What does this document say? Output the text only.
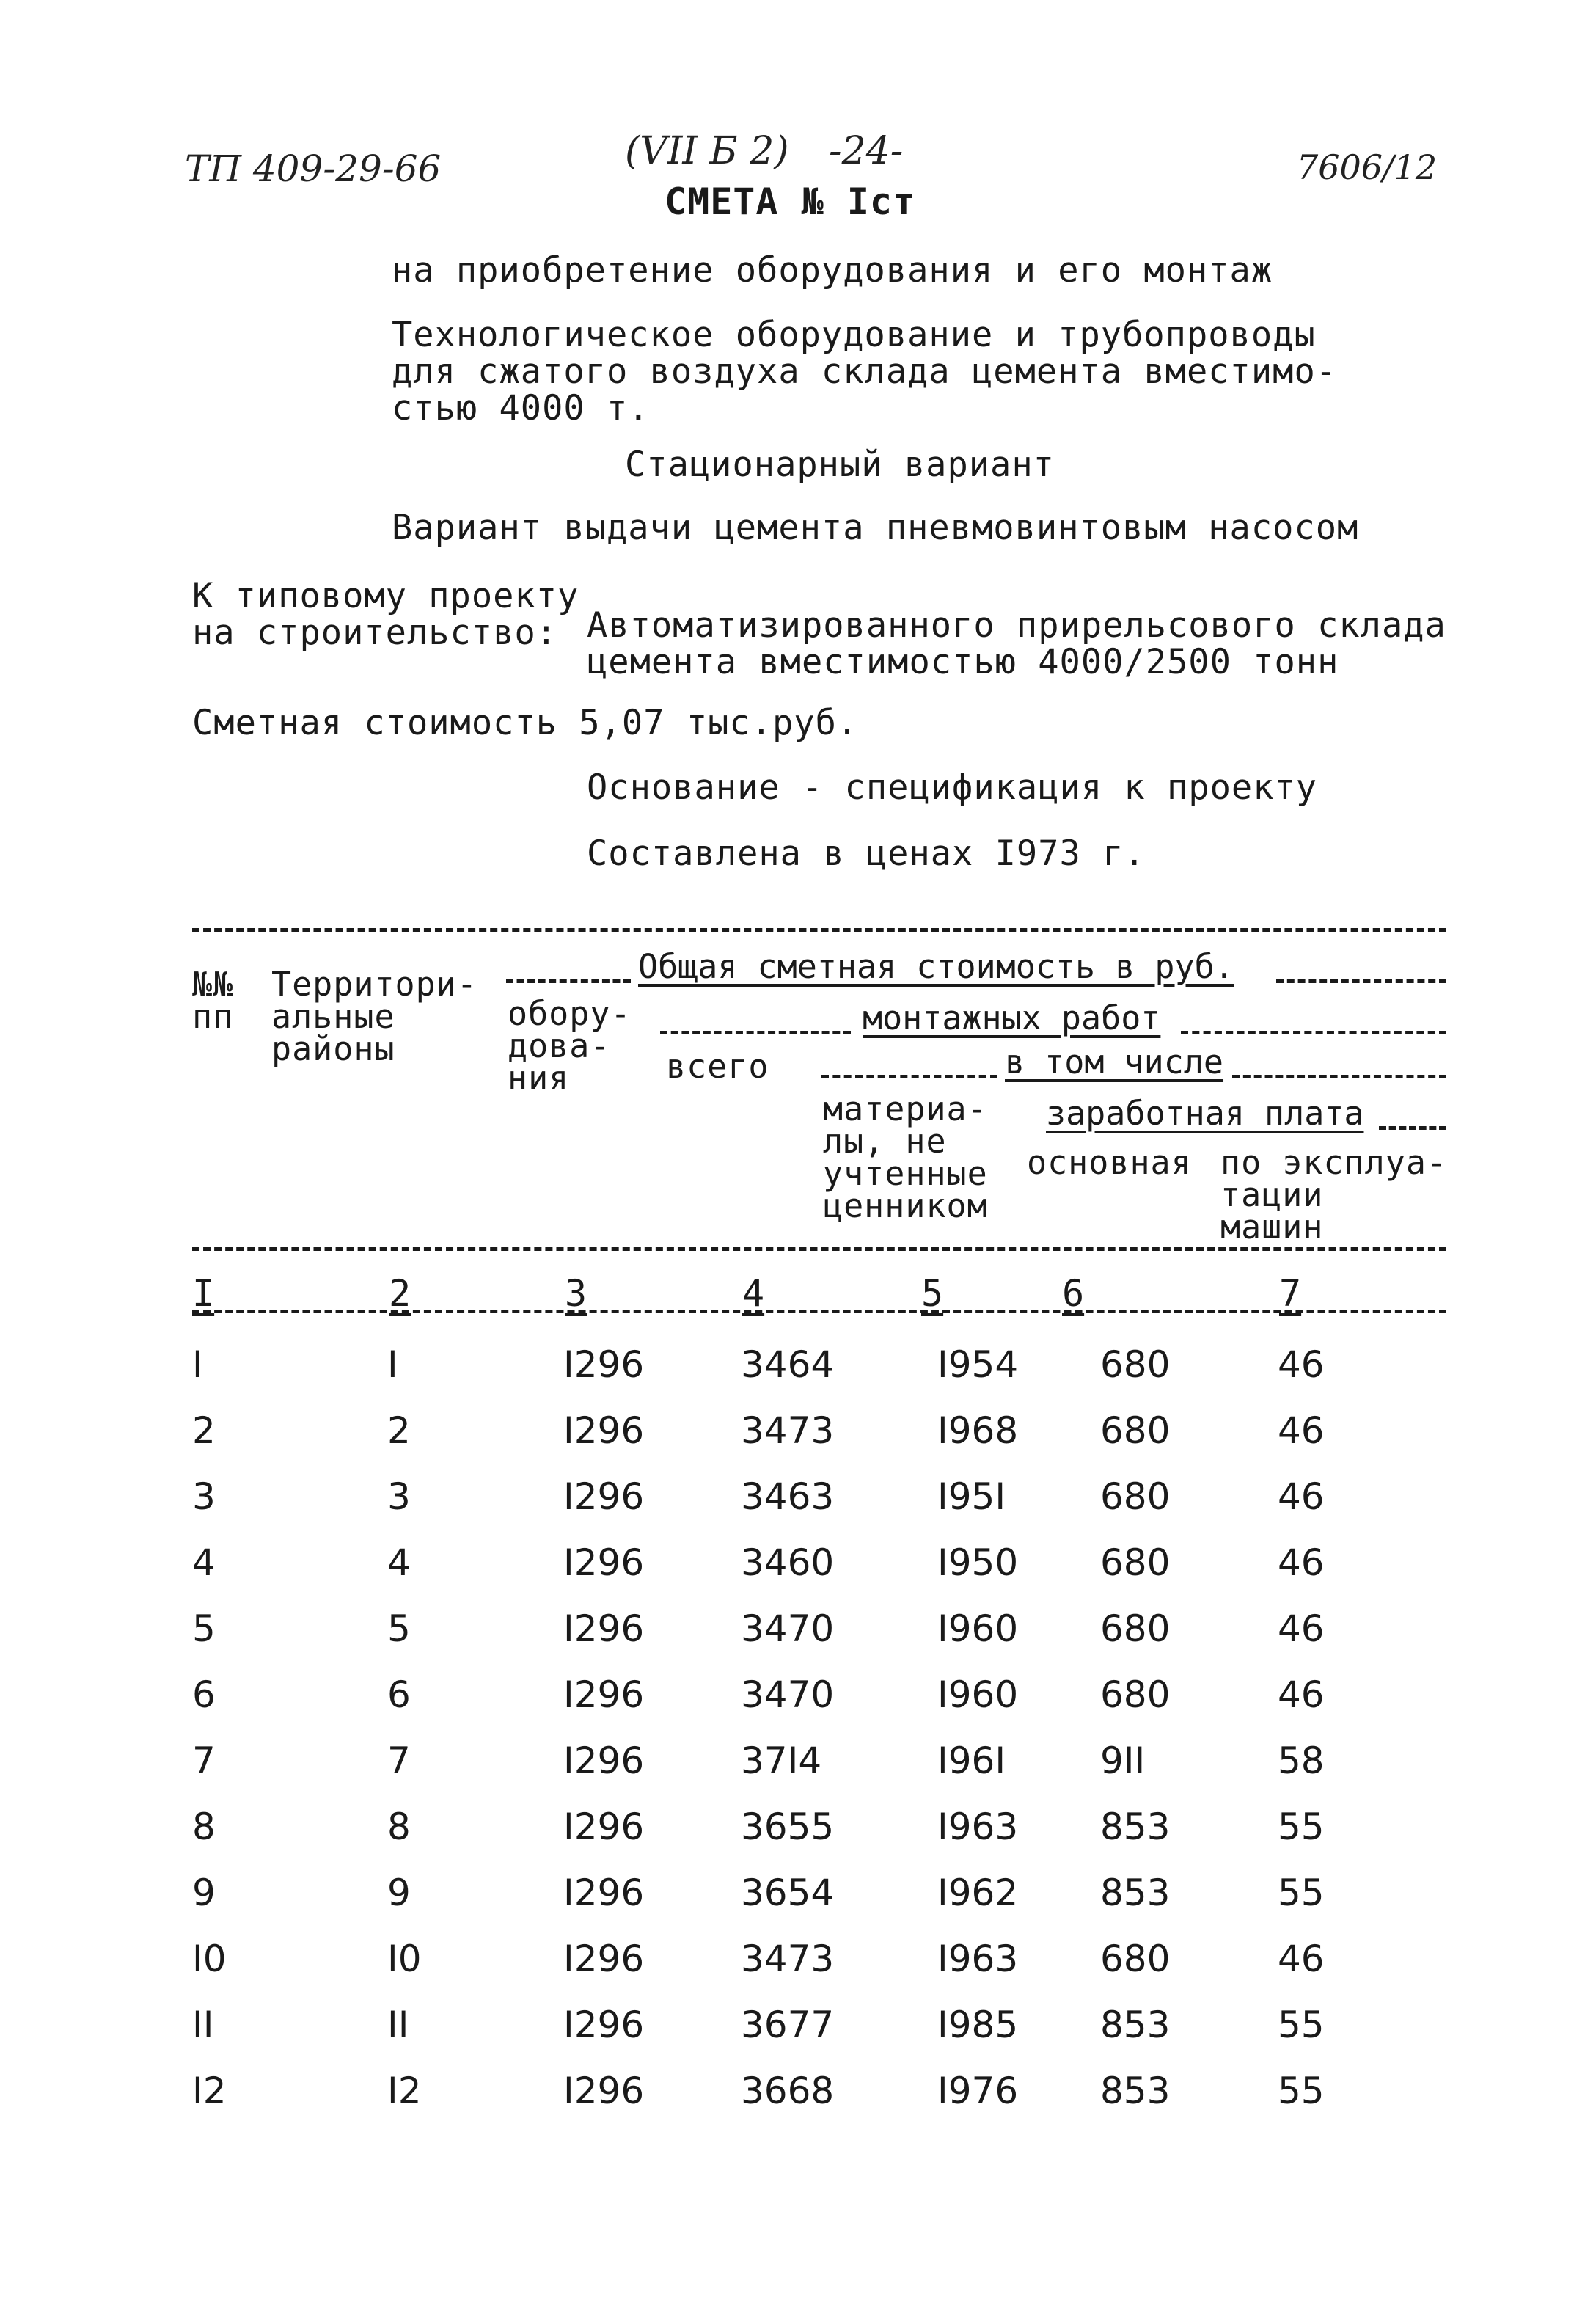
ТП 409-29-66	(VII Б 2) -24-	7606/12
СМЕТА № Iст
на приобретение оборудования и его монтаж
Технологическое оборудование и трубопроводы
для сжатого воздуха склада цемента вместимо-
стью 4000 т.
Стационарный вариант
Вариант выдачи цемента пневмовинтовым насосом
К типовому проекту
на строительство: Автоматизированного прирельсового склада
цемента вместимостью 4000/2500 тонн
Сметная стоимость 5,07 тыс.руб.
Основание - спецификация к проекту
Составлена в ценах I973 г.
№№
пп
Территори-
альные
районы
Общая сметная стоимость в руб.
обору-
дова-
ния
монтажных работ
всего	в том числе
материа-
лы, не
учтенные
ценником
заработная плата
основная по эксплуа-
тации
машин
I	2	3	4	5	6	7
I	I	I296	3464	I954	680	46
2	2	I296	3473	I968	680	46
3	3	I296	3463	I95I	680	46
4	4	I296	3460	I950	680	46
5	5	I296	3470	I960	680	46
6	6	I296	3470	I960	680	46
7	7	I296	37I4	I96I	9II	58
8	8	I296	3655	I963	853	55
9	9	I296	3654	I962	853	55
I0	I0	I296	3473	I963	680	46
II	II	I296	3677	I985	853	55
I2	I2	I296	3668	I976	853	55
